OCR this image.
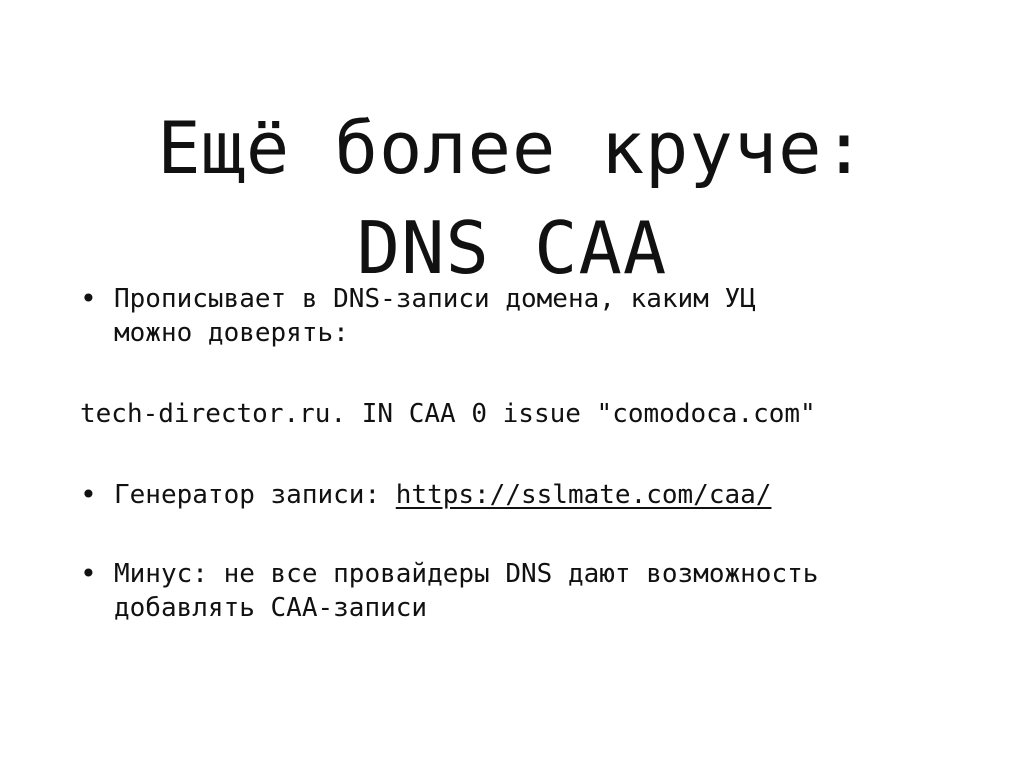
Ещё более круче:
DNS CAA
• Прописывает в DNS-записи домена, каким УЦ
можно доверять:
tech-director.ru. IN CAA 0 issue "comodoca.com"
• Генератор записи: https://sslmate.com/caa/
• Минус: не все провайдеры DNS дают возможность
добавлять CAA-записи
